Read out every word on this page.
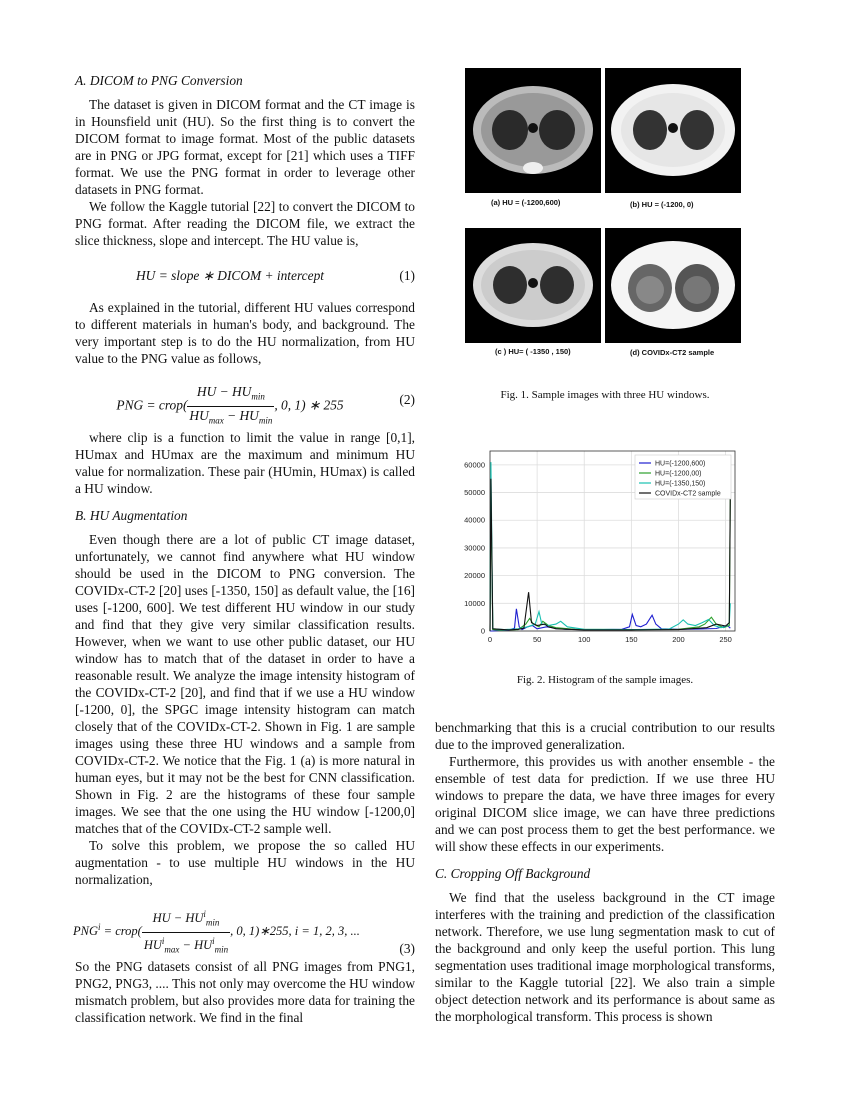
A. DICOM to PNG Conversion

The dataset is given in DICOM format and the CT image is in Hounsfield unit (HU). So the first thing is to convert the DICOM format to image format. Most of the public datasets are in PNG or JPG format, except for [21] which uses a TIFF format. We use the PNG format in order to leverage other datasets in PNG format.

We follow the Kaggle tutorial [22] to convert the DICOM to PNG format. After reading the DICOM file, we extract the slice thickness, slope and intercept. The HU value is,

HU = slope ∗ DICOM + intercept	(1)

As explained in the tutorial, different HU values correspond to different materials in human's body, and background. The very important step is to do the HU normalization, from HU value to the PNG value as follows,

PNG = crop( $\frac{HU - HU_{min}}{HU_{max} - HU_{min}}$ , 0, 1) ∗ 255	(2)

where clip is a function to limit the value in range [0,1], HUmax and HUmax are the maximum and minimum HU value for normalization. These pair (HUmin, HUmax) is called a HU window.

B. HU Augmentation

Even though there are a lot of public CT image dataset, unfortunately, we cannot find anywhere what HU window should be used in the DICOM to PNG conversion. The COVIDx-CT-2 [20] uses [-1350, 150] as default value, the [16] uses [-1200, 600]. We test different HU window in our study and find that they give very similar classification results. However, when we want to use other public dataset, our HU window has to match that of the dataset in order to have a reasonable result. We analyze the image intensity histogram of the COVIDx-CT-2 [20], and find that if we use a HU window [-1200, 0], the SPGC image intensity histogram can match closely that of the COVIDx-CT-2. Shown in Fig. 1 are sample images using these three HU windows and a sample from COVIDx-CT-2. We notice that the Fig. 1 (a) is more natural in human eyes, but it may not be the best for CNN classification. Shown in Fig. 2 are the histograms of these four sample images. We see that the one using the HU window [-1200,0] matches that of the COVIDx-CT-2 sample well.

To solve this problem, we propose the so called HU augmentation - to use multiple HU windows in the HU normalization,

$PNG^i$ = crop( $\frac{HU - HU^i_{min}}{HU^i_{max} - HU^i_{min}}$ , 0, 1)∗255, i = 1, 2, 3, ...
(3)

So the PNG datasets consist of all PNG images from PNG1, PNG2, PNG3, .... This not only may overcome the HU window mismatch problem, but also provides more data for training the classification network. We find in the final

(a) HU = (-1200,600)	(b) HU = (-1200, 0)
(c ) HU= ( -1350 , 150)	(d) COVIDx-CT2 sample
Fig. 1. Sample images with three HU windows.
0	50	100	150	200	250
0
10000
20000
30000
40000
50000
60000	HU=(-1200,600)
HU=(-1200,00)
HU=(-1350,150)
COVIDx-CT2 sample
Fig. 2. Histogram of the sample images.

benchmarking that this is a crucial contribution to our results due to the improved generalization.

Furthermore, this provides us with another ensemble - the ensemble of test data for prediction. If we use three HU windows to prepare the data, we have three images for every original DICOM slice image, we can have three predictions and we can post process them to get the best performance. we will show these effects in our experiments.

C. Cropping Off Background

We find that the useless background in the CT image interferes with the training and prediction of the classification network. Therefore, we use lung segmentation mask to cut of the background and only keep the useful portion. This lung segmentation uses traditional image morphological transforms, similar to the Kaggle tutorial [22]. We also train a simple object detection network and its performance is about same as the morphological transform. This process is shown
